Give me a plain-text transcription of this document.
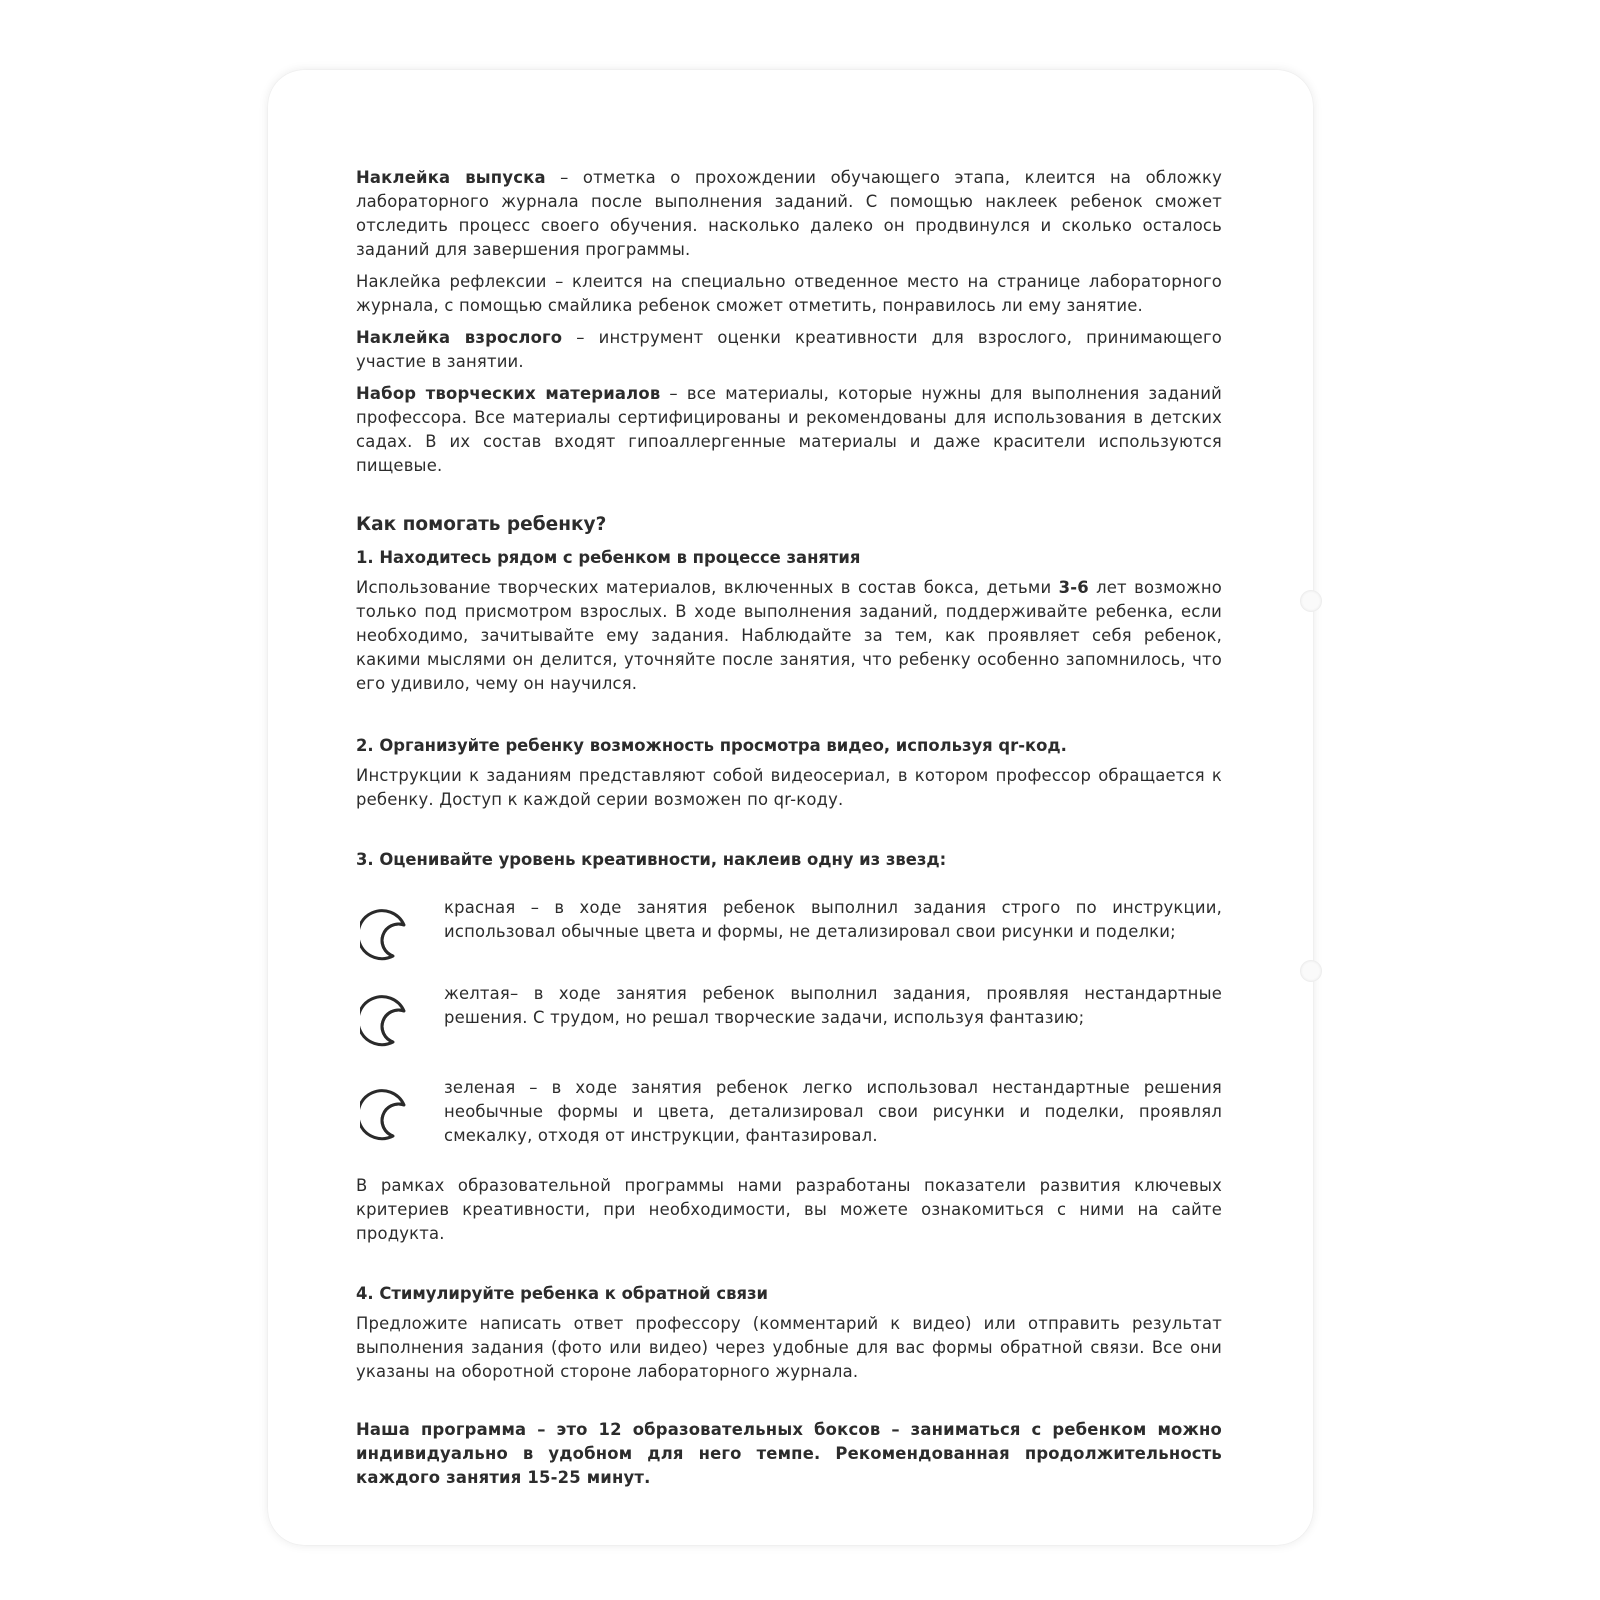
Наклейка выпуска – отметка о прохождении обучающего этапа, клеится на обложку лабораторного журнала после выполнения заданий. С помощью наклеек ребенок сможет отследить процесс своего обучения. насколько далеко он продвинулся и сколько осталось заданий для завершения программы.

Наклейка рефлексии – клеится на специально отведенное место на странице лабораторного журнала, с помощью смайлика ребенок сможет отметить, понравилось ли ему занятие.

Наклейка взрослого – инструмент оценки креативности для взрослого, принимающего участие в занятии.

Набор творческих материалов – все материалы, которые нужны для выполнения заданий профессора. Все материалы сертифицированы и рекомендованы для использования в детских садах. В их состав входят гипоаллергенные материалы и даже красители используются пищевые.

Как помогать ребенку?
1. Находитесь рядом с ребенком в процессе занятия

Использование творческих материалов, включенных в состав бокса, детьми 3-6 лет возможно только под присмотром взрослых. В ходе выполнения заданий, поддерживайте ребенка, если необходимо, зачитывайте ему задания. Наблюдайте за тем, как проявляет себя ребенок, какими мыслями он делится, уточняйте после занятия, что ребенку особенно запомнилось, что его удивило, чему он научился.

2. Организуйте ребенку возможность просмотра видео, используя qr-код.

Инструкции к заданиям представляют собой видеосериал, в котором профессор обращается к ребенку. Доступ к каждой серии возможен по qr-коду.

3. Оценивайте уровень креативности, наклеив одну из звезд:

красная – в ходе занятия ребенок выполнил задания строго по инструкции, использовал обычные цвета и формы, не детализировал свои рисунки и поделки;

желтая– в ходе занятия ребенок выполнил задания, проявляя нестандартные решения. С трудом, но решал творческие задачи, используя фантазию;

зеленая – в ходе занятия ребенок легко использовал нестандартные решения необычные формы и цвета, детализировал свои рисунки и поделки, проявлял смекалку, отходя от инструкции, фантазировал.

В рамках образовательной программы нами разработаны показатели развития ключевых критериев креативности, при необходимости, вы можете ознакомиться с ними на сайте продукта.

4. Стимулируйте ребенка к обратной связи

Предложите написать ответ профессору (комментарий к видео) или отправить результат выполнения задания (фото или видео) через удобные для вас формы обратной связи. Все они указаны на оборотной стороне лабораторного журнала.

Наша программа – это 12 образовательных боксов – заниматься с ребенком можно индивидуально в удобном для него темпе. Рекомендованная продолжительность каждого занятия 15-25 минут.
